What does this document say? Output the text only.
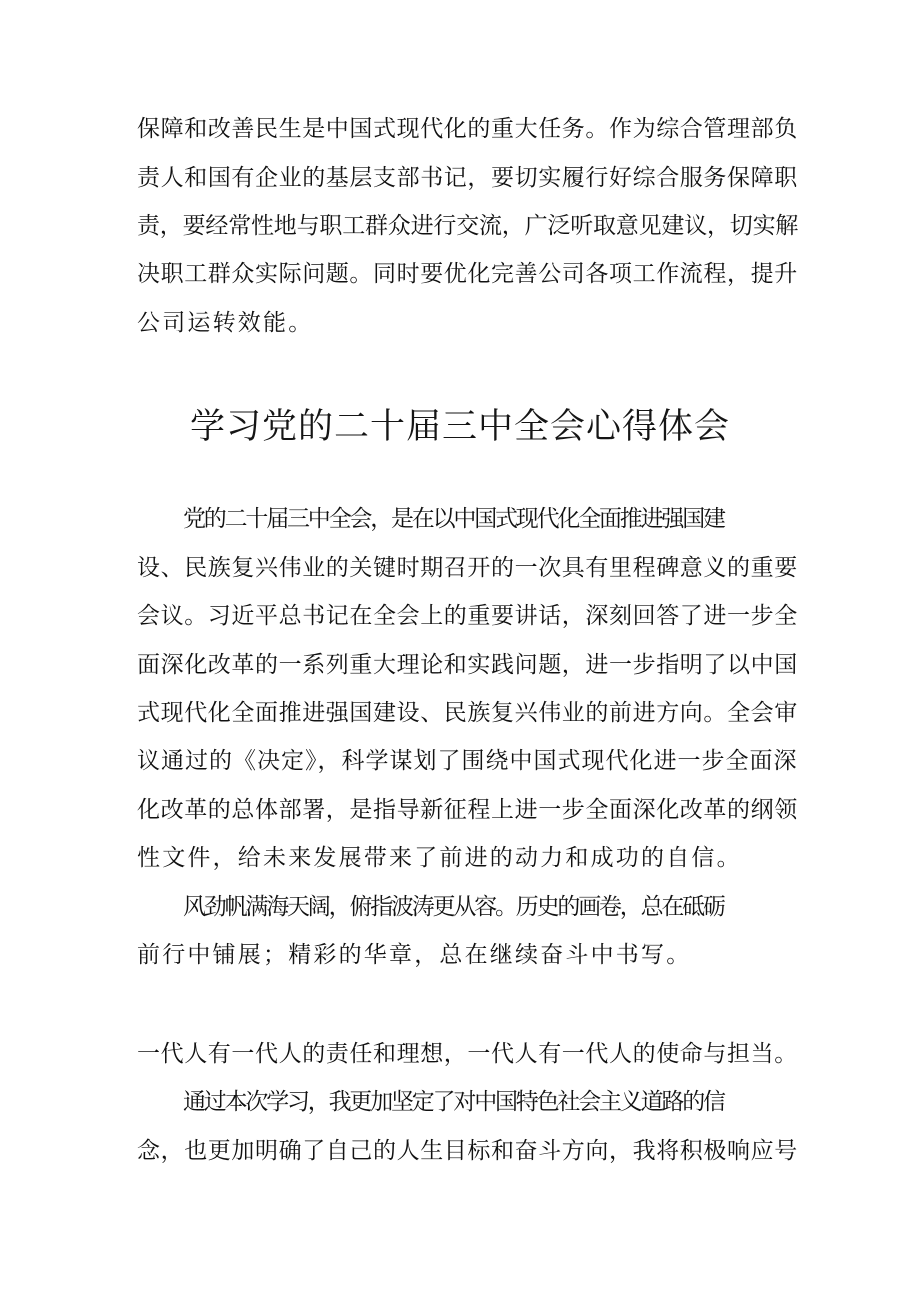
保障和改善民生是中国式现代化的重大任务。作为综合管理部负
责人和国有企业的基层支部书记，要切实履行好综合服务保障职
责，要经常性地与职工群众进行交流，广泛听取意见建议，切实解
决职工群众实际问题。同时要优化完善公司各项工作流程，提升
公司运转效能。
学习党的二十届三中全会心得体会
党的二十届三中全会，是在以中国式现代化全面推进强国建
设、民族复兴伟业的关键时期召开的一次具有里程碑意义的重要
会议。习近平总书记在全会上的重要讲话，深刻回答了进一步全
面深化改革的一系列重大理论和实践问题，进一步指明了以中国
式现代化全面推进强国建设、民族复兴伟业的前进方向。全会审
议通过的《决定》，科学谋划了围绕中国式现代化进一步全面深
化改革的总体部署，是指导新征程上进一步全面深化改革的纲领
性文件，给未来发展带来了前进的动力和成功的自信。
风劲帆满海天阔，俯指波涛更从容。历史的画卷，总在砥砺
前行中铺展；精彩的华章，总在继续奋斗中书写。
一代人有一代人的责任和理想，一代人有一代人的使命与担当。
通过本次学习，我更加坚定了对中国特色社会主义道路的信
念，也更加明确了自己的人生目标和奋斗方向，我将积极响应号
